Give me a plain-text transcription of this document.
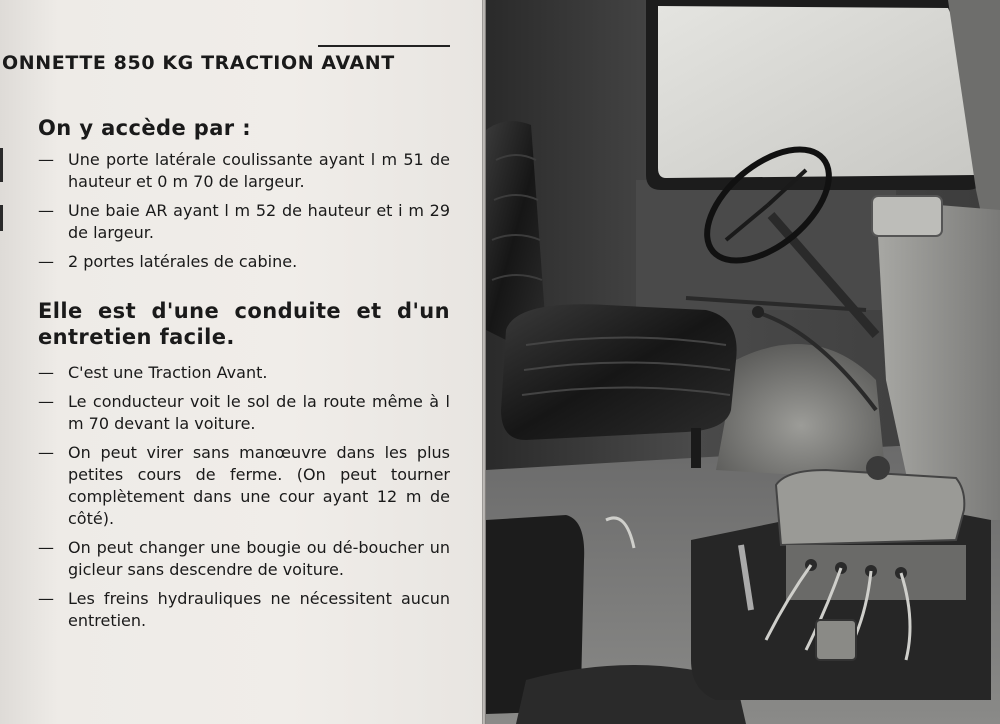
ONNETTE 850 KG TRACTION AVANT
On y accède par :
— Une porte latérale coulissante ayant l m 51 de hauteur et 0 m 70 de largeur.
— Une baie AR ayant l m 52 de hauteur et i m 29 de largeur.
— 2 portes latérales de cabine.
Elle est d'une conduite et d'un entretien facile.
— C'est une Traction Avant.
— Le conducteur voit le sol de la route même à l m 70 devant la voiture.
— On peut virer sans manœuvre dans les plus petites cours de ferme. (On peut tourner complètement dans une cour ayant 12 m de côté).
— On peut changer une bougie ou dé-boucher un gicleur sans descendre de voiture.
— Les freins hydrauliques ne nécessitent aucun entretien.
